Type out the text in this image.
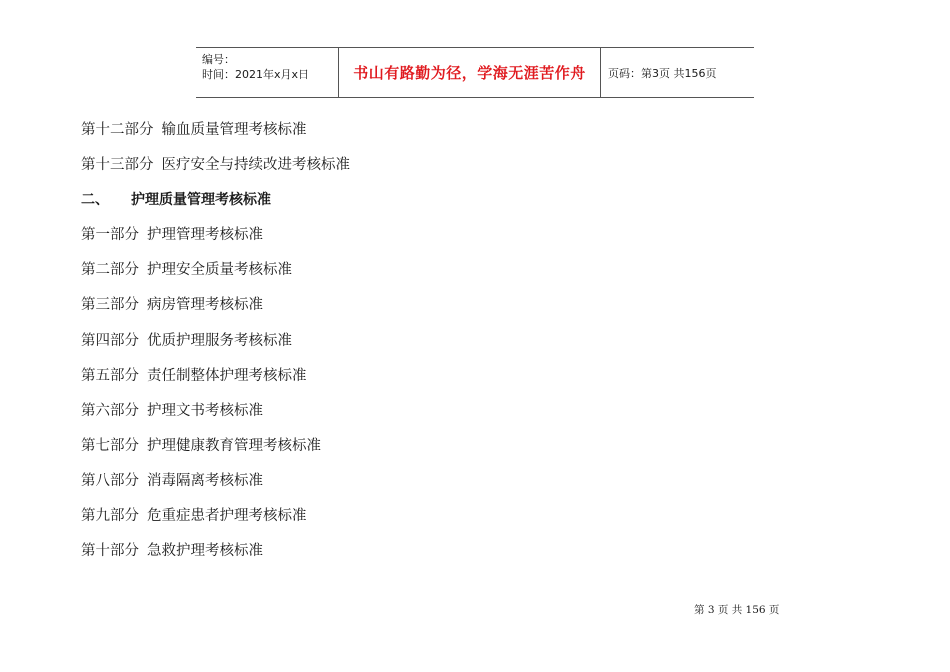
编号：
时间：2021年x月x日	书山有路勤为径，学海无涯苦作舟	页码：第3页 共156页
第十二部分 输血质量管理考核标准
第十三部分 医疗安全与持续改进考核标准
二、 护理质量管理考核标准
第一部分 护理管理考核标准
第二部分 护理安全质量考核标准
第三部分 病房管理考核标准
第四部分 优质护理服务考核标准
第五部分 责任制整体护理考核标准
第六部分 护理文书考核标准
第七部分 护理健康教育管理考核标准
第八部分 消毒隔离考核标准
第九部分 危重症患者护理考核标准
第十部分 急救护理考核标准
第 3 页 共 156 页
